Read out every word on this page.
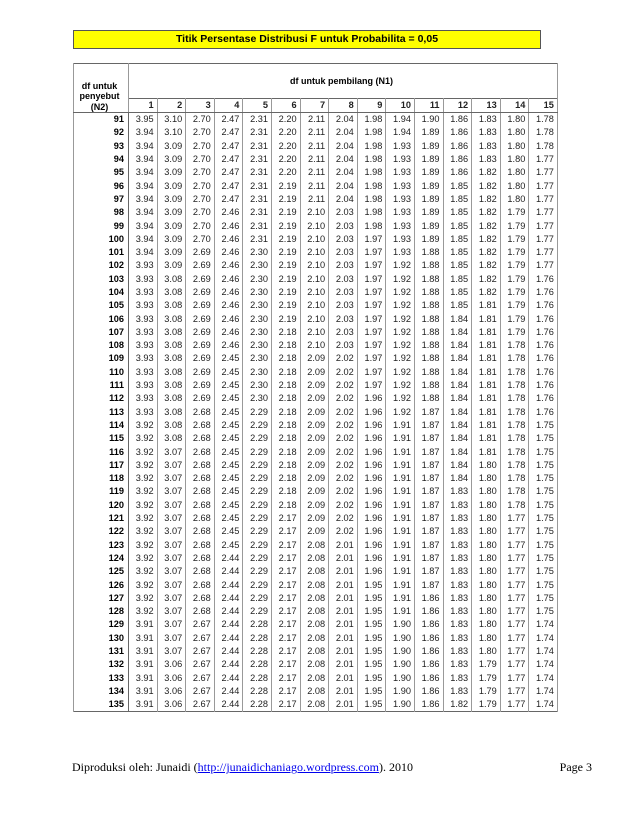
Titik Persentase Distribusi F untuk Probabilita = 0,05
df untuk
penyebut
(N2)	df untuk pembilang (N1)														
	1	2	3	4	5	6	7	8	9	10	11	12	13	14	15
91	3.95	3.10	2.70	2.47	2.31	2.20	2.11	2.04	1.98	1.94	1.90	1.86	1.83	1.80	1.78
92	3.94	3.10	2.70	2.47	2.31	2.20	2.11	2.04	1.98	1.94	1.89	1.86	1.83	1.80	1.78
93	3.94	3.09	2.70	2.47	2.31	2.20	2.11	2.04	1.98	1.93	1.89	1.86	1.83	1.80	1.78
94	3.94	3.09	2.70	2.47	2.31	2.20	2.11	2.04	1.98	1.93	1.89	1.86	1.83	1.80	1.77
95	3.94	3.09	2.70	2.47	2.31	2.20	2.11	2.04	1.98	1.93	1.89	1.86	1.82	1.80	1.77
96	3.94	3.09	2.70	2.47	2.31	2.19	2.11	2.04	1.98	1.93	1.89	1.85	1.82	1.80	1.77
97	3.94	3.09	2.70	2.47	2.31	2.19	2.11	2.04	1.98	1.93	1.89	1.85	1.82	1.80	1.77
98	3.94	3.09	2.70	2.46	2.31	2.19	2.10	2.03	1.98	1.93	1.89	1.85	1.82	1.79	1.77
99	3.94	3.09	2.70	2.46	2.31	2.19	2.10	2.03	1.98	1.93	1.89	1.85	1.82	1.79	1.77
100	3.94	3.09	2.70	2.46	2.31	2.19	2.10	2.03	1.97	1.93	1.89	1.85	1.82	1.79	1.77
101	3.94	3.09	2.69	2.46	2.30	2.19	2.10	2.03	1.97	1.93	1.88	1.85	1.82	1.79	1.77
102	3.93	3.09	2.69	2.46	2.30	2.19	2.10	2.03	1.97	1.92	1.88	1.85	1.82	1.79	1.77
103	3.93	3.08	2.69	2.46	2.30	2.19	2.10	2.03	1.97	1.92	1.88	1.85	1.82	1.79	1.76
104	3.93	3.08	2.69	2.46	2.30	2.19	2.10	2.03	1.97	1.92	1.88	1.85	1.82	1.79	1.76
105	3.93	3.08	2.69	2.46	2.30	2.19	2.10	2.03	1.97	1.92	1.88	1.85	1.81	1.79	1.76
106	3.93	3.08	2.69	2.46	2.30	2.19	2.10	2.03	1.97	1.92	1.88	1.84	1.81	1.79	1.76
107	3.93	3.08	2.69	2.46	2.30	2.18	2.10	2.03	1.97	1.92	1.88	1.84	1.81	1.79	1.76
108	3.93	3.08	2.69	2.46	2.30	2.18	2.10	2.03	1.97	1.92	1.88	1.84	1.81	1.78	1.76
109	3.93	3.08	2.69	2.45	2.30	2.18	2.09	2.02	1.97	1.92	1.88	1.84	1.81	1.78	1.76
110	3.93	3.08	2.69	2.45	2.30	2.18	2.09	2.02	1.97	1.92	1.88	1.84	1.81	1.78	1.76
111	3.93	3.08	2.69	2.45	2.30	2.18	2.09	2.02	1.97	1.92	1.88	1.84	1.81	1.78	1.76
112	3.93	3.08	2.69	2.45	2.30	2.18	2.09	2.02	1.96	1.92	1.88	1.84	1.81	1.78	1.76
113	3.93	3.08	2.68	2.45	2.29	2.18	2.09	2.02	1.96	1.92	1.87	1.84	1.81	1.78	1.76
114	3.92	3.08	2.68	2.45	2.29	2.18	2.09	2.02	1.96	1.91	1.87	1.84	1.81	1.78	1.75
115	3.92	3.08	2.68	2.45	2.29	2.18	2.09	2.02	1.96	1.91	1.87	1.84	1.81	1.78	1.75
116	3.92	3.07	2.68	2.45	2.29	2.18	2.09	2.02	1.96	1.91	1.87	1.84	1.81	1.78	1.75
117	3.92	3.07	2.68	2.45	2.29	2.18	2.09	2.02	1.96	1.91	1.87	1.84	1.80	1.78	1.75
118	3.92	3.07	2.68	2.45	2.29	2.18	2.09	2.02	1.96	1.91	1.87	1.84	1.80	1.78	1.75
119	3.92	3.07	2.68	2.45	2.29	2.18	2.09	2.02	1.96	1.91	1.87	1.83	1.80	1.78	1.75
120	3.92	3.07	2.68	2.45	2.29	2.18	2.09	2.02	1.96	1.91	1.87	1.83	1.80	1.78	1.75
121	3.92	3.07	2.68	2.45	2.29	2.17	2.09	2.02	1.96	1.91	1.87	1.83	1.80	1.77	1.75
122	3.92	3.07	2.68	2.45	2.29	2.17	2.09	2.02	1.96	1.91	1.87	1.83	1.80	1.77	1.75
123	3.92	3.07	2.68	2.45	2.29	2.17	2.08	2.01	1.96	1.91	1.87	1.83	1.80	1.77	1.75
124	3.92	3.07	2.68	2.44	2.29	2.17	2.08	2.01	1.96	1.91	1.87	1.83	1.80	1.77	1.75
125	3.92	3.07	2.68	2.44	2.29	2.17	2.08	2.01	1.96	1.91	1.87	1.83	1.80	1.77	1.75
126	3.92	3.07	2.68	2.44	2.29	2.17	2.08	2.01	1.95	1.91	1.87	1.83	1.80	1.77	1.75
127	3.92	3.07	2.68	2.44	2.29	2.17	2.08	2.01	1.95	1.91	1.86	1.83	1.80	1.77	1.75
128	3.92	3.07	2.68	2.44	2.29	2.17	2.08	2.01	1.95	1.91	1.86	1.83	1.80	1.77	1.75
129	3.91	3.07	2.67	2.44	2.28	2.17	2.08	2.01	1.95	1.90	1.86	1.83	1.80	1.77	1.74
130	3.91	3.07	2.67	2.44	2.28	2.17	2.08	2.01	1.95	1.90	1.86	1.83	1.80	1.77	1.74
131	3.91	3.07	2.67	2.44	2.28	2.17	2.08	2.01	1.95	1.90	1.86	1.83	1.80	1.77	1.74
132	3.91	3.06	2.67	2.44	2.28	2.17	2.08	2.01	1.95	1.90	1.86	1.83	1.79	1.77	1.74
133	3.91	3.06	2.67	2.44	2.28	2.17	2.08	2.01	1.95	1.90	1.86	1.83	1.79	1.77	1.74
134	3.91	3.06	2.67	2.44	2.28	2.17	2.08	2.01	1.95	1.90	1.86	1.83	1.79	1.77	1.74
135	3.91	3.06	2.67	2.44	2.28	2.17	2.08	2.01	1.95	1.90	1.86	1.82	1.79	1.77	1.74
Diproduksi oleh: Junaidi (http://junaidichaniago.wordpress.com). 2010	Page 3
